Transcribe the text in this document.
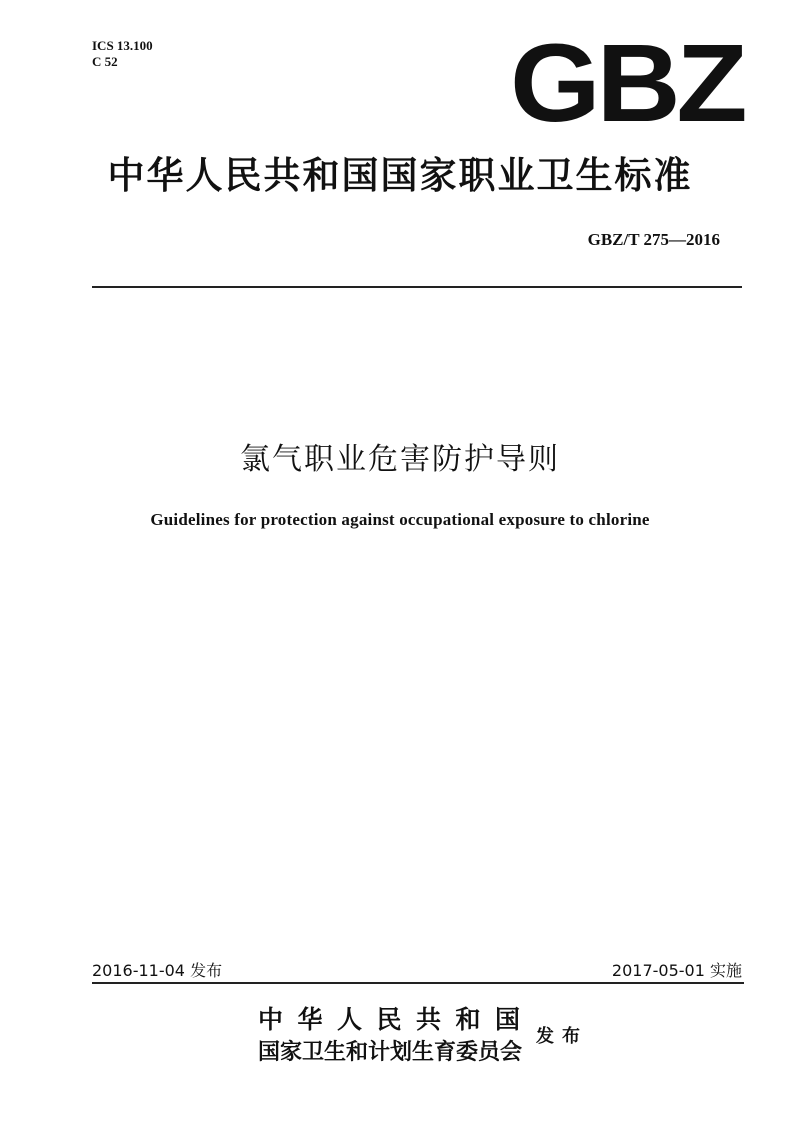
ICS 13.100
C 52	GBZ
中华人民共和国国家职业卫生标准
GBZ/T 275—2016
氯气职业危害防护导则
Guidelines for protection against occupational exposure to chlorine
2016-11-04 发布	2017-05-01 实施
中华人民共和国
国家卫生和计划生育委员会
发布
